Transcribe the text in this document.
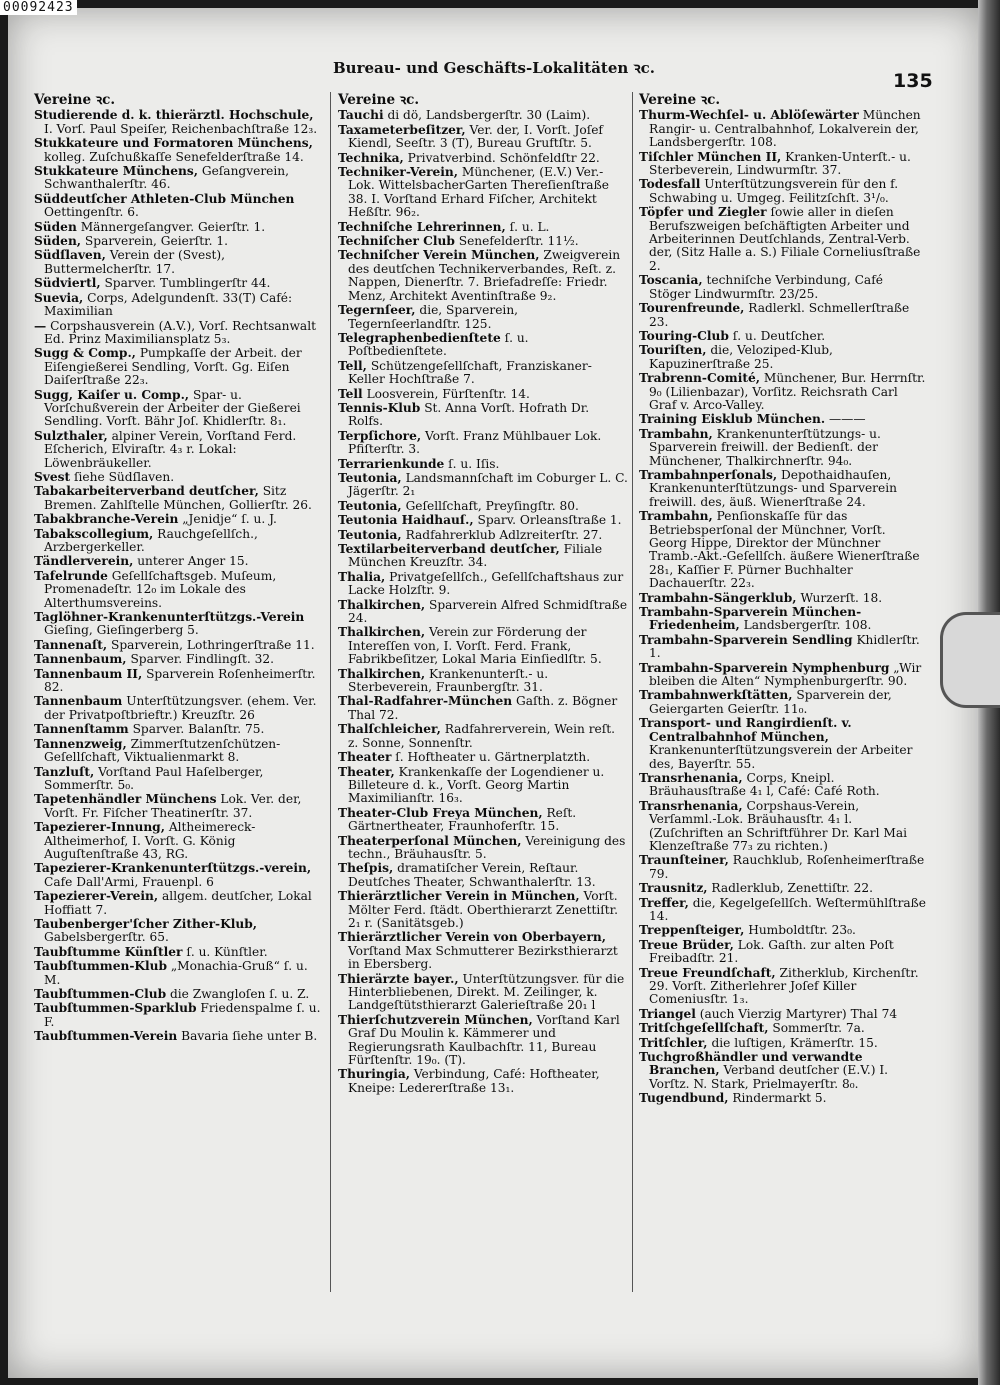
Bureau- und Geschäfts-Lokalitäten ꝛc.
135
Vereine ꝛc.
Studierende d. k. thierärztl. Hochschule, I. Vorſ. Paul Speiſer, Reichenbachſtraße 12₃.
Stukkateure und Formatoren Münchens, kolleg. Zuſchußkaſſe Senefelderſtraße 14.
Stukkateure Münchens, Geſangverein, Schwanthalerſtr. 46.
Süddeutſcher Athleten-Club München Oettingenſtr. 6.
Süden Männergeſangver. Geierſtr. 1.
Süden, Sparverein, Geierſtr. 1.
Südſlaven, Verein der (Svest), Buttermelcherſtr. 17.
Südviertl, Sparver. Tumblingerſtr 44.
Suevia, Corps, Adelgundenſt. 33(T) Café: Maximilian
— Corpshausverein (A.V.), Vorſ. Rechtsanwalt Ed. Prinz Maximiliansplatz 5₃.
Sugg & Comp., Pumpkaſſe der Arbeit. der Eiſengießerei Sendling, Vorſt. Gg. Eiſen Daiſerſtraße 22₃.
Sugg, Kaiſer u. Comp., Spar- u. Vorſchußverein der Arbeiter der Gießerei Sendling. Vorſt. Bähr Joſ. Khidlerſtr. 8₁.
Sulzthaler, alpiner Verein, Vorſtand Ferd. Eſcherich, Elviraſtr. 4₃ r. Lokal: Löwenbräukeller.
Svest ſiehe Südſlaven.
Tabakarbeiterverband deutſcher, Sitz Bremen. Zahlſtelle München, Gollierſtr. 26.
Tabakbranche-Verein „Jenidje“ ſ. u. J.
Tabakscollegium, Rauchgeſellſch., Arzbergerkeller.
Tändlerverein, unterer Anger 15.
Tafelrunde Geſellſchaftsgeb. Muſeum, Promenadeſtr. 12₀ im Lokale des Alterthumsvereins.
Taglöhner-Krankenunterſtützgs.-Verein Gieſing, Gieſingerberg 5.
Tannenaſt, Sparverein, Lothringerſtraße 11.
Tannenbaum, Sparver. Findlingſt. 32.
Tannenbaum II, Sparverein Roſenheimerſtr. 82.
Tannenbaum Unterſtützungsver. (ehem. Ver. der Privatpoſtbrieftr.) Kreuzſtr. 26
Tannenſtamm Sparver. Balanſtr. 75.
Tannenzweig, Zimmerſtutzenſchützen-Geſellſchaft, Viktualienmarkt 8.
Tanzluſt, Vorſtand Paul Haſelberger, Sommerſtr. 5₀.
Tapetenhändler Münchens Lok. Ver. der, Vorſt. Fr. Fiſcher Theatinerſtr. 37.
Tapezierer-Innung, Altheimereck-Altheimerhof, I. Vorſt. G. König Auguſtenſtraße 43, RG.
Tapezierer-Krankenunterſtützgs.-verein, Cafe Dall'Armi, Frauenpl. 6
Tapezierer-Verein, allgem. deutſcher, Lokal Hoffiatt 7.
Taubenberger'ſcher Zither-Klub, Gabelsbergerſtr. 65.
Taubſtumme Künſtler ſ. u. Künſtler.
Taubſtummen-Klub „Monachia-Gruß“ ſ. u. M.
Taubſtummen-Club die Zwangloſen ſ. u. Z.
Taubſtummen-Sparklub Friedenspalme ſ. u. F.
Taubſtummen-Verein Bavaria ſiehe unter B.
Vereine ꝛc.
Tauchi di dö, Landsbergerſtr. 30 (Laim).
Taxameterbeſitzer, Ver. der, I. Vorſt. Joſef Kiendl, Seeſtr. 3 (T), Bureau Gruftſtr. 5.
Technika, Privatverbind. Schönfeldſtr 22.
Techniker-Verein, Münchener, (E.V.) Ver.-Lok. WittelsbacherGarten Thereſienſtraße 38. I. Vorſtand Erhard Fiſcher, Architekt Heßſtr. 96₂.
Techniſche Lehrerinnen, ſ. u. L.
Techniſcher Club Senefelderſtr. 11½.
Techniſcher Verein München, Zweigverein des deutſchen Technikerverbandes, Reſt. z. Nappen, Dienerſtr. 7. Briefadreſſe: Friedr. Menz, Architekt Aventinſtraße 9₂.
Tegernſeer, die, Sparverein, Tegernſeerlandſtr. 125.
Telegraphenbedienſtete ſ. u. Poſtbedienſtete.
Tell, Schützengeſellſchaft, Franziskaner-Keller Hochſtraße 7.
Tell Loosverein, Fürſtenſtr. 14.
Tennis-Klub St. Anna Vorſt. Hofrath Dr. Rolfs.
Terpſichore, Vorſt. Franz Mühlbauer Lok. Pfiſterſtr. 3.
Terrarienkunde ſ. u. Iſis.
Teutonia, Landsmannſchaft im Coburger L. C. Jägerſtr. 2₁
Teutonia, Geſellſchaft, Preyſingſtr. 80.
Teutonia Haidhauſ., Sparv. Orleansſtraße 1.
Teutonia, Radfahrerklub Adlzreiterſtr. 27.
Textilarbeiterverband deutſcher, Filiale München Kreuzſtr. 34.
Thalia, Privatgeſellſch., Geſellſchaftshaus zur Lacke Holzſtr. 9.
Thalkirchen, Sparverein Alfred Schmidſtraße 24.
Thalkirchen, Verein zur Förderung der Intereſſen von, I. Vorſt. Ferd. Frank, Fabrikbeſitzer, Lokal Maria Einſiedlſtr. 5.
Thalkirchen, Krankenunterſt.- u. Sterbeverein, Fraunbergſtr. 31.
Thal-Radfahrer-München Gaſth. z. Bögner Thal 72.
Thalſchleicher, Radfahrerverein, Wein reſt. z. Sonne, Sonnenſtr.
Theater ſ. Hoftheater u. Gärtnerplatzth.
Theater, Krankenkaſſe der Logendiener u. Billeteure d. k., Vorſt. Georg Martin Maximilianſtr. 16₃.
Theater-Club Freya München, Reſt. Gärtnertheater, Fraunhoferſtr. 15.
Theaterperſonal München, Vereinigung des techn., Bräuhausſtr. 5.
Theſpis, dramatiſcher Verein, Reſtaur. Deutſches Theater, Schwanthalerſtr. 13.
Thierärztlicher Verein in München, Vorſt. Mölter Ferd. ſtädt. Oberthierarzt Zenettiſtr. 2₁ r. (Sanitätsgeb.)
Thierärztlicher Verein von Oberbayern, Vorſtand Max Schmutterer Bezirksthierarzt in Ebersberg.
Thierärzte bayer., Unterſtützungsver. für die Hinterbliebenen, Direkt. M. Zeilinger, k. Landgeſtütsthierarzt Galerieſtraße 20₁ l
Thierſchutzverein München, Vorſtand Karl Graf Du Moulin k. Kämmerer und Regierungsrath Kaulbachſtr. 11, Bureau Fürſtenſtr. 19₀. (T).
Thuringia, Verbindung, Café: Hoftheater, Kneipe: Ledererſtraße 13₁.
Vereine ꝛc.
Thurm-Wechſel- u. Ablöſewärter München Rangir- u. Centralbahnhof, Lokalverein der, Landsbergerſtr. 108.
Tiſchler München II, Kranken-Unterſt.- u. Sterbeverein, Lindwurmſtr. 37.
Todesfall Unterſtützungsverein für den f. Schwabing u. Umgeg. Feilitzſchſt. 3¹/₀.
Töpfer und Ziegler ſowie aller in dieſen Berufszweigen beſchäftigten Arbeiter und Arbeiterinnen Deutſchlands, Zentral-Verb. der, (Sitz Halle a. S.) Filiale Corneliusſtraße 2.
Toscania, techniſche Verbindung, Café Stöger Lindwurmſtr. 23/25.
Tourenfreunde, Radlerkl. Schmellerſtraße 23.
Touring-Club ſ. u. Deutſcher.
Touriſten, die, Veloziped-Klub, Kapuzinerſtraße 25.
Trabrenn-Comité, Münchener, Bur. Herrnſtr. 9₀ (Lilienbazar), Vorſitz. Reichsrath Carl Graf v. Arco-Valley.
Training Eisklub München. ———
Trambahn, Krankenunterſtützungs- u. Sparverein freiwill. der Bedienſt. der Münchener, Thalkirchnerſtr. 94₀.
Trambahnperſonals, Depothaidhauſen, Krankenunterſtützungs- und Sparverein freiwill. des, äuß. Wienerſtraße 24.
Trambahn, Penſionskaſſe für das Betriebsperſonal der Münchner, Vorſt. Georg Hippe, Direktor der Münchner Tramb.-Akt.-Geſellſch. äußere Wienerſtraße 28₁, Kaſſier F. Pürner Buchhalter Dachauerſtr. 22₃.
Trambahn-Sängerklub, Wurzerſt. 18.
Trambahn-Sparverein München-Friedenheim, Landsbergerſtr. 108.
Trambahn-Sparverein Sendling Khidlerſtr. 1.
Trambahn-Sparverein Nymphenburg „Wir bleiben die Alten“ Nymphenburgerſtr. 90.
Trambahnwerkſtätten, Sparverein der, Geiergarten Geierſtr. 11₀.
Transport- und Rangirdienſt. v. Centralbahnhof München, Krankenunterſtützungsverein der Arbeiter des, Bayerſtr. 55.
Transrhenania, Corps, Kneipl. Bräuhausſtraße 4₁ l, Café: Café Roth.
Transrhenania, Corpshaus-Verein, Verſamml.-Lok. Bräuhausſtr. 4₁ l. (Zuſchriften an Schriftführer Dr. Karl Mai Klenzeſtraße 77₃ zu richten.)
Traunſteiner, Rauchklub, Roſenheimerſtraße 79.
Trausnitz, Radlerklub, Zenettiſtr. 22.
Treffer, die, Kegelgeſellſch. Weſtermühlſtraße 14.
Treppenſteiger, Humboldtſtr. 23₀.
Treue Brüder, Lok. Gaſth. zur alten Poſt Freibadſtr. 21.
Treue Freundſchaft, Zitherklub, Kirchenſtr. 29. Vorſt. Zitherlehrer Joſef Killer Comeniusſtr. 1₃.
Triangel (auch Vierzig Martyrer) Thal 74
Tritſchgeſellſchaft, Sommerſtr. 7a.
Tritſchler, die luſtigen, Krämerſtr. 15.
Tuchgroßhändler und verwandte Branchen, Verband deutſcher (E.V.) I. Vorſtz. N. Stark, Prielmayerſtr. 8₀.
Tugendbund, Rindermarkt 5.
00092423
